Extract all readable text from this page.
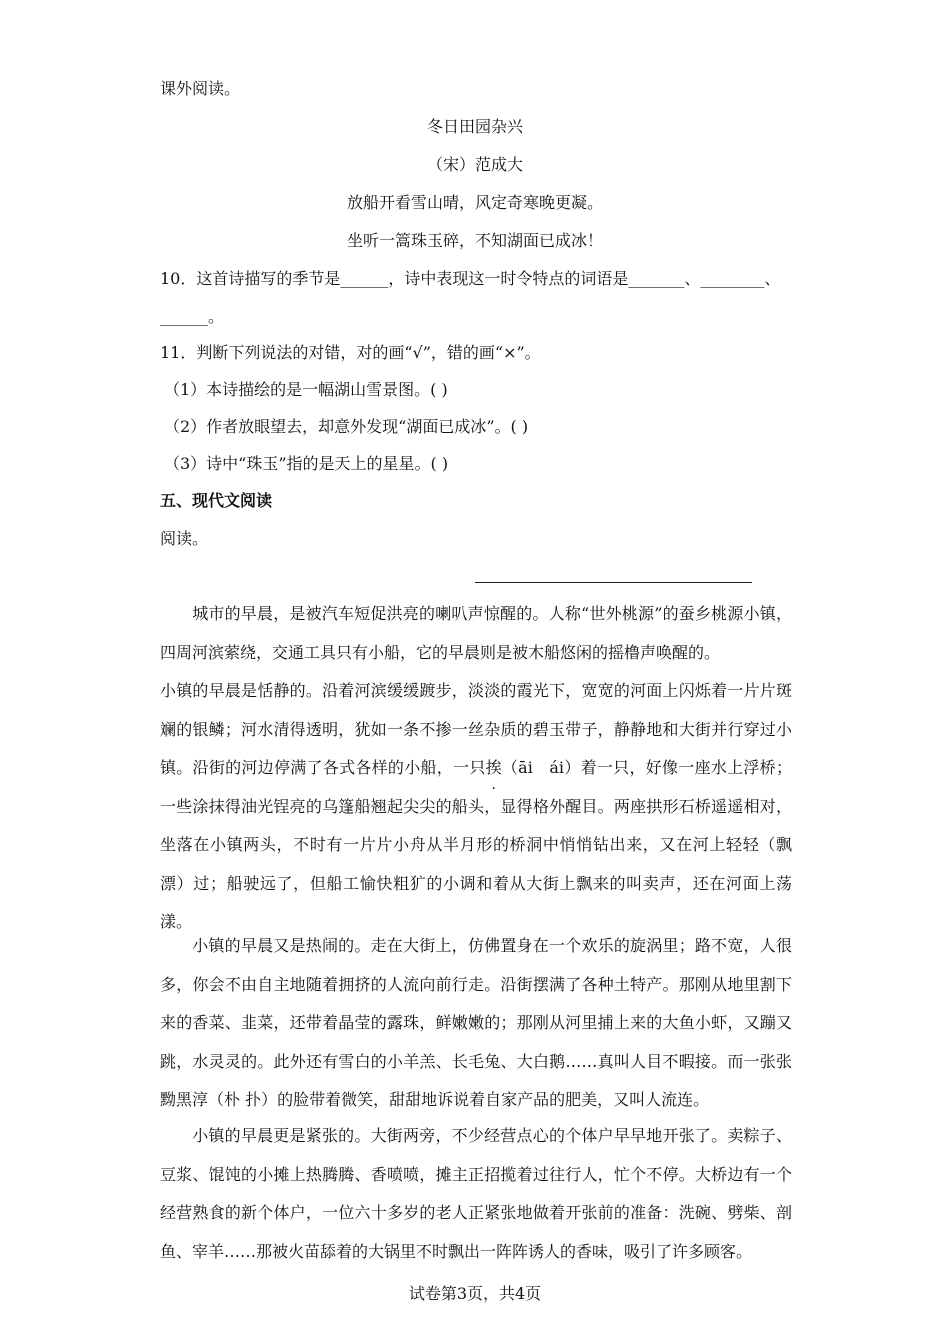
课外阅读。
冬日田园杂兴
（宋）范成大
放船开看雪山晴，风定奇寒晚更凝。
坐听一篙珠玉碎，不知湖面已成冰！
10．这首诗描写的季节是______，诗中表现这一时令特点的词语是_______、________、
______。
11．判断下列说法的对错，对的画“√”，错的画“×”。
（1）本诗描绘的是一幅湖山雪景图。( )
（2）作者放眼望去，却意外发现“湖面已成冰”。( )
（3）诗中“珠玉”指的是天上的星星。( )
五、现代文阅读
阅读。
城市的早晨，是被汽车短促洪亮的喇叭声惊醒的。人称“世外桃源”的蚕乡桃源小镇，四周河滨萦绕，交通工具只有小船，它的早晨则是被木船悠闲的摇橹声唤醒的。
小镇的早晨是恬静的。沿着河滨缓缓踱步，淡淡的霞光下，宽宽的河面上闪烁着一片片斑斓的银鳞；河水清得透明，犹如一条不掺一丝杂质的碧玉带子，静静地和大街并行穿过小镇。沿街的河边停满了各式各样的小船，一只挨（āi　ái）着一只，好像一座水上浮桥；一些涂抹得油光锃亮的乌篷船翘起尖尖的船头，显得格外醒目。两座拱形石桥遥遥相对，坐落在小镇两头，不时有一片片小舟从半月形的桥洞中悄悄钻出来，又在河上轻轻（飘　 漂）过；船驶远了，但船工愉快粗犷的小调和着从大街上飘来的叫卖声，还在河面上荡漾。
小镇的早晨又是热闹的。走在大街上，仿佛置身在一个欢乐的旋涡里；路不宽，人很多，你会不由自主地随着拥挤的人流向前行走。沿街摆满了各种土特产。那刚从地里割下来的香菜、韭菜，还带着晶莹的露珠，鲜嫩嫩的；那刚从河里捕上来的大鱼小虾，又蹦又跳，水灵灵的。此外还有雪白的小羊羔、长毛兔、大白鹅……真叫人目不暇接。而一张张黝黑淳（朴 扑）的脸带着微笑，甜甜地诉说着自家产品的肥美，又叫人流连。
小镇的早晨更是紧张的。大街两旁，不少经营点心的个体户早早地开张了。卖粽子、豆浆、馄饨的小摊上热腾腾、香喷喷，摊主正招揽着过往行人，忙个不停。大桥边有一个经营熟食的新个体户，一位六十多岁的老人正紧张地做着开张前的准备：洗碗、劈柴、剖鱼、宰羊……那被火苗舔着的大锅里不时飘出一阵阵诱人的香味，吸引了许多顾客。
试卷第3页，共4页
